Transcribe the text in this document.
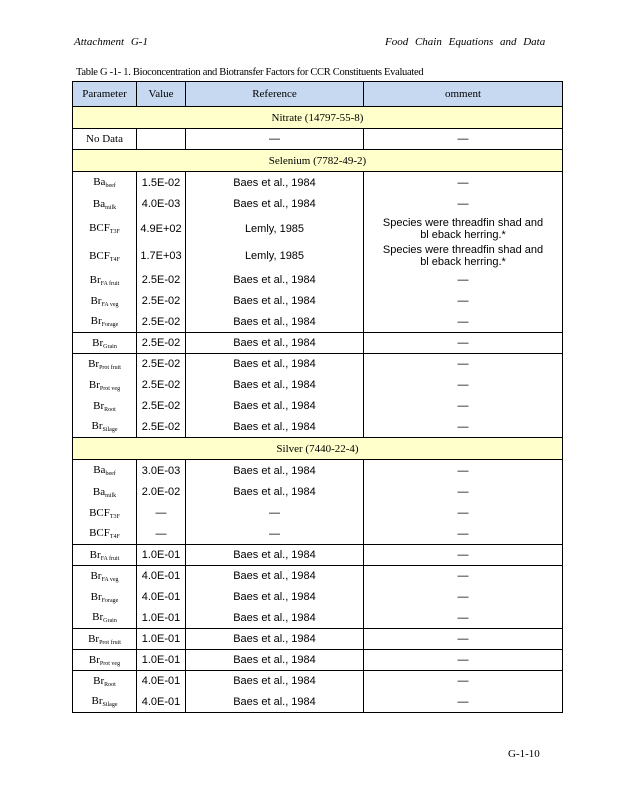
Attachment G-1	Food Chain Equations and Data
Table G -1- 1. Bioconcentration and Biotransfer Factors for CCR Constituents Evaluated
Parameter	Value	Reference	omment
Nitrate (14797-55-8)			
No Data		—	—
Selenium (7782-49-2)			
$Ba_{beef}$	1.5E-02	Baes et al., 1984	—
$Ba_{milk}$	4.0E-03	Baes et al., 1984	—
$BCF_{T3F}$	4.9E+02	Lemly, 1985	Species were threadfin shad and
bl eback herring.*
$BCF_{T4F}$	1.7E+03	Lemly, 1985	Species were threadfin shad and
bl eback herring.*
$Br_{FA fruit}$	2.5E-02	Baes et al., 1984	—
$Br_{FA veg}$	2.5E-02	Baes et al., 1984	—
$Br_{Forage}$	2.5E-02	Baes et al., 1984	—
$Br_{Grain}$	2.5E-02	Baes et al., 1984	—
$Br_{Prot fruit}$	2.5E-02	Baes et al., 1984	—
$Br_{Prot veg}$	2.5E-02	Baes et al., 1984	—
$Br_{Root}$	2.5E-02	Baes et al., 1984	—
$Br_{Silage}$	2.5E-02	Baes et al., 1984	—
Silver (7440-22-4)			
$Ba_{beef}$	3.0E-03	Baes et al., 1984	—
$Ba_{milk}$	2.0E-02	Baes et al., 1984	—
$BCF_{T3F}$	—	—	—
$BCF_{T4F}$	—	—	—
$Br_{FA fruit}$	1.0E-01	Baes et al., 1984	—
$Br_{FA veg}$	4.0E-01	Baes et al., 1984	—
$Br_{Forage}$	4.0E-01	Baes et al., 1984	—
$Br_{Grain}$	1.0E-01	Baes et al., 1984	—
$Br_{Prot fruit}$	1.0E-01	Baes et al., 1984	—
$Br_{Prot veg}$	1.0E-01	Baes et al., 1984	—
$Br_{Root}$	4.0E-01	Baes et al., 1984	—
$Br_{Silage}$	4.0E-01	Baes et al., 1984	—
G-1-10
